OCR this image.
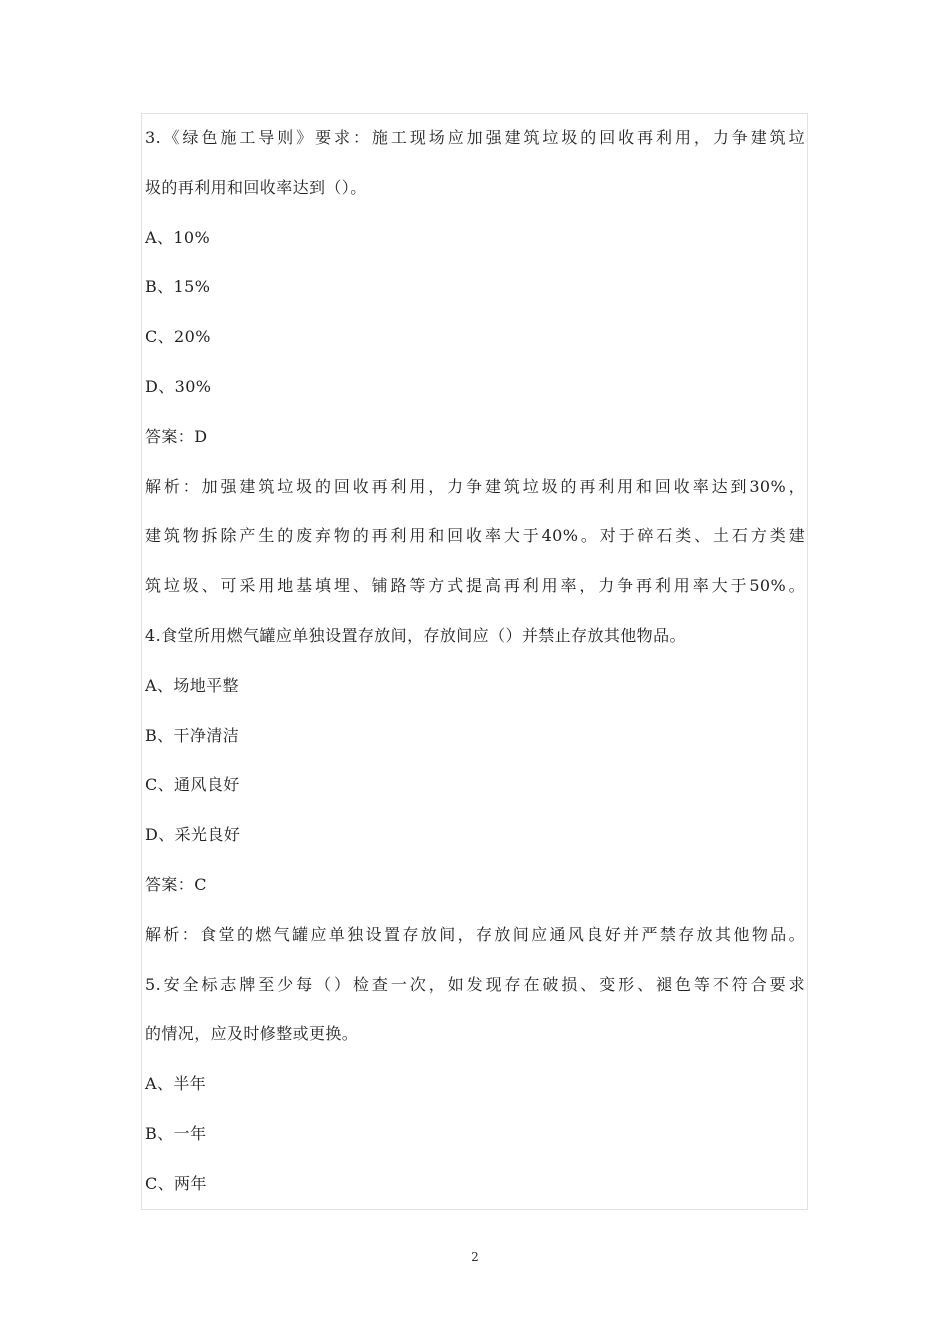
3.《绿色施工导则》要求：施工现场应加强建筑垃圾的回收再利用，力争建筑垃
圾的再利用和回收率达到（）。
A、10%
B、15%
C、20%
D、30%
答案：D
解析：加强建筑垃圾的回收再利用，力争建筑垃圾的再利用和回收率达到30%，
建筑物拆除产生的废弃物的再利用和回收率大于40%。对于碎石类、土石方类建
筑垃圾、可采用地基填埋、铺路等方式提高再利用率，力争再利用率大于50%。
4.食堂所用燃气罐应单独设置存放间，存放间应（）并禁止存放其他物品。
A、场地平整
B、干净清洁
C、通风良好
D、采光良好
答案：C
解析：食堂的燃气罐应单独设置存放间，存放间应通风良好并严禁存放其他物品。
5.安全标志牌至少每（）检查一次，如发现存在破损、变形、褪色等不符合要求
的情况，应及时修整或更换。
A、半年
B、一年
C、两年
2
